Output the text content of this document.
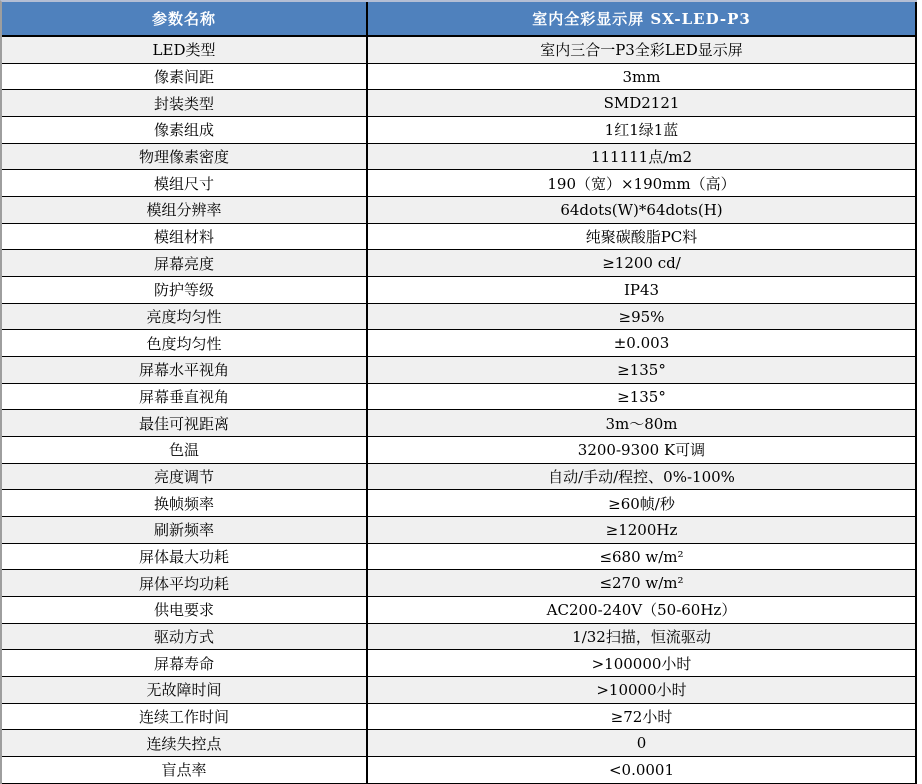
参数名称	室内全彩显示屏 SX-LED-P3
LED类型	室内三合一P3全彩LED显示屏
像素间距	3mm
封装类型	SMD2121
像素组成	1红1绿1蓝
物理像素密度	111111点/m2
模组尺寸	190（宽）×190mm（高）
模组分辨率	64dots(W)*64dots(H)
模组材料	纯聚碳酸脂PC料
屏幕亮度	≥1200 cd/
防护等级	IP43
亮度均匀性	≥95%
色度均匀性	±0.003
屏幕水平视角	≥135°
屏幕垂直视角	≥135°
最佳可视距离	3m～80m
色温	3200-9300 K可调
亮度调节	自动/手动/程控、0%-100%
换帧频率	≥60帧/秒
刷新频率	≥1200Hz
屏体最大功耗	≤680 w/m²
屏体平均功耗	≤270 w/m²
供电要求	AC200-240V（50-60Hz）
驱动方式	1/32扫描，恒流驱动
屏幕寿命	>100000小时
无故障时间	>10000小时
连续工作时间	≥72小时
连续失控点	0
盲点率	<0.0001
